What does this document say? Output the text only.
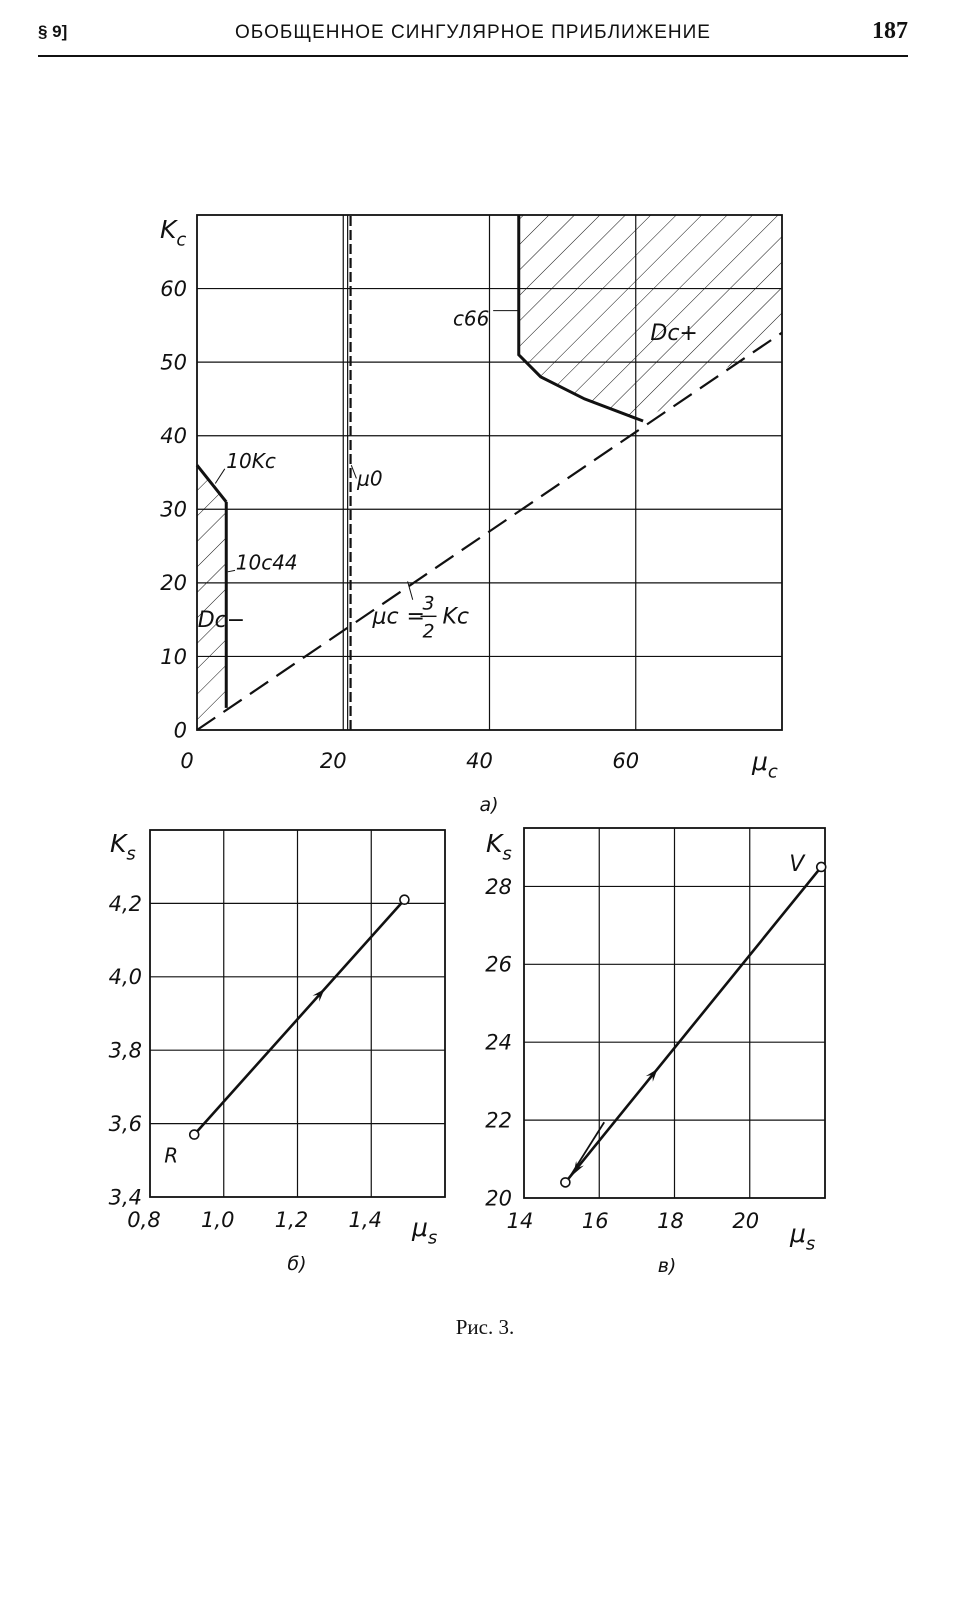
§ 9]	ОБОБЩЕННОЕ СИНГУЛЯРНОЕ ПРИБЛИЖЕНИЕ	187
0	20	40	60
0
10
20
30
40
50
60
10Kc
10c44
c66
μ0
Dc+
Dc−	μc =
3
2
Kc
$K_c$
$\mu_c$
а)
0,8 1,0 1,2 1,4
3,4
3,6
3,8
4,0
4,2
R
$K_s$
$\mu_s$
б)
14 16 18 20
20
22
24
26
28
V
$K_s$
$\mu_s$
в)
Рис. 3.
